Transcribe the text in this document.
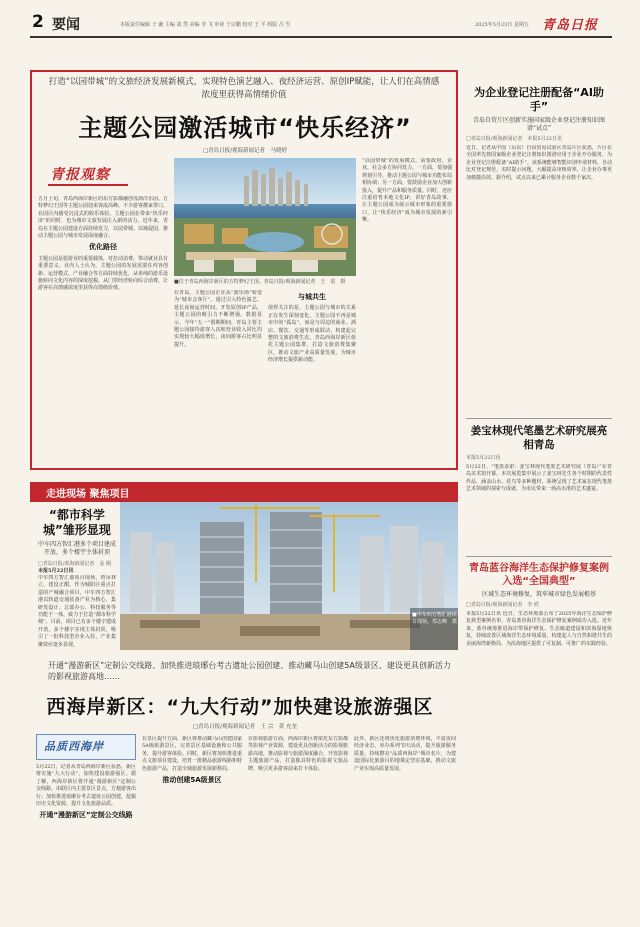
2 要闻	本版责任编辑 于 谦 主编 刘 岱 美编 李 飞 审读 于宗鹏 校对 王 平 组版 吕 雪	2025年5月23日 星期五 青岛日报
打造“以园带城”的文旅经济发展新模式，实现特色演艺融入、夜经济运营、原创IP赋能，让人们在高情感浓度里获得高情绪价值
主题公园激活城市“快乐经济”
□青岛日报/观海新闻记者　马晓婷
青报观察
五月上旬，青岛西海岸新区的东方影都融创茂海洋乐园、方特梦幻王国等主题公园迎来客流高峰。不少游客携家带口，在园区内感受沉浸式的娱乐体验。主题公园在带来“快乐经济”的同时，也为城市文旅发展注入新的活力。近年来，青岛在主题公园建设方面持续发力，以园带城、以城促园，推动主题公园与城市发展深度融合。
优化路径
主题公园是旅游业的重要载体，对拉动消费、带动就业具有重要意义。业内人士认为，主题公园的发展需要在内容创新、运营模式、产业融合等方面持续优化，从单纯的游乐设施转向文化内容的深度挖掘，从门票经济转向综合消费，让游客在高情感浓度里获得高情绪价值。
■位于青岛西海岸新区的方特梦幻王国。青岛日报/观海新闻记者　王　雷　摄
在青岛，主题公园正在从“游乐场”转变为“城市会客厅”。通过引入特色演艺、延长夜间运营时间、开发原创IP产品，主题公园的吸引力不断增强。数据显示，今年“五一”假期期间，青岛主要主题公园接待游客人次和营业收入同比均实现较大幅度增长，夜间游客占比明显提升。
与城共生
值得关注的是，主题公园与城市的关系正在发生深刻变化。主题公园不再是城市中的“孤岛”，而是与周边的商业、酒店、餐饮、交通等形成联动，构建起完整的文旅消费生态。青岛西海岸新区依托主题公园集群，打造文旅消费集聚区，推动文旅产业高质量发展，为城市经济增长提供新动能。
“以园带城”的发展模式，需要政府、企业、社会多方协同发力。一方面，要加强规划引导，推动主题公园与城市功能布局相协调；另一方面，要鼓励企业加大创新投入，提升产品和服务质量。同时，还应注重培育本地文化IP，讲好青岛故事，让主题公园成为展示城市形象的重要窗口，让“快乐经济”成为城市发展的新引擎。
为企业登记注册配备“AI助手”
青岛自贸片区创新实施国家级企业登记注册知识图谱“试点”
□青岛日报/观海新闻记者　本报5月22日讯
近日，记者从中国（山东）自由贸易试验区青岛片区获悉，片区在全国率先将国家级企业登记注册知识图谱应用于企业开办服务，为企业登记注册配备“AI助手”。该系统能够智能识别申请材料，自动比对登记规范，实时提示问题，大幅提高审核效率，让企业办事更加便捷高效。据介绍，试点以来已累计服务企业数千家次。
姜宝林现代笔墨艺术研究展亮相青岛
本报5月22日讯
5月22日，“笔墨求索：姜宝林现代笔墨艺术研究展（青岛）”在青岛美术馆开幕。本次展览集中展示了姜宝林先生各个时期的代表性作品，涵盖山水、花鸟等多种题材，系统呈现了艺术家在现代笔墨艺术领域的探索与成就，为市民带来一场高水准的艺术盛宴。
青岛蓝谷海洋生态保护修复案例入选“全国典型”
区域生态环境修复，筑牢城市绿色发展根基
□青岛日报/观海新闻记者　李 欣
本报5月22日讯 近日，生态环境部公布了2025年海洋生态保护修复典型案例名单，青岛蓝谷海洋生态保护修复案例成功入选。近年来，蓝谷统筹推进海岸带保护修复、生态廊道建设和滨海湿地恢复，持续改善区域海洋生态环境质量，构建起人与自然和谐共生的美丽海湾新格局，为沿海地区提供了可复制、可推广的实践经验。
走进现场 聚焦项目
“都市科学城”雏形显现
中车四方智汇港多个项目建成开放，多个楼宇主体封顶
□青岛日报/观海新闻记者　金 刚
本报5月22日讯
中车四方智汇港项目现场，塔吊林立，建设正酣。作为城阳区重点打造的产城融合项目，中车四方智汇港以轨道交通装备产业为核心，集研发设计、总部办公、科技服务等功能于一体，致力于打造“都市科学城”。目前，项目已有多个楼宇建成开放，多个楼宇实现主体封顶，吸引了一批科技型企业入驻，产业集聚效应逐步显现。
■中车四方智汇港项目现场。郑志峰　摄
开通“漫游新区”定制公交线路、加快推进琅琊台考古遗址公园创建、推动藏马山创建5A级景区、建设更具创新活力的影视旅游高地……
西海岸新区：“九大行动”加快建设旅游强区
□青岛日报/观海新闻记者　王 宗　黄 允奎
品质西海岸
5月22日，记者从青岛西海岸新区获悉，新区将实施“九大行动”，加快建设旅游强区。据了解，西海岸新区将开通“漫游新区”定制公交线路，串联区内主要景区景点，方便游客出行；加快推进琅琊台考古遗址公园创建，挖掘历史文化资源，提升文化旅游品质。
开通“漫游新区”定制公交线路
在景区提升方面，新区将推动藏马山创建国家5A级旅游景区，完善景区基础设施和公共服务，提升游客体验。同时，新区将加快推进重点文旅项目建设，培育一批精品旅游线路和特色旅游产品，打造全域旅游发展新格局。
推动创建5A级景区
在影视旅游方面，西海岸新区将依托东方影都等影视产业资源，建设更具创新活力的影视旅游高地，推动影视与旅游深度融合，开发影视主题旅游产品，打造独具特色的影视文旅品牌，吸引更多游客前来打卡体验。
此外，新区还将优化旅游消费环境，丰富夜间经济业态，举办系列节庆活动，提升旅游服务质量，持续擦亮“品质西海岸”城市名片，为建设国际化旅游目的地奠定坚实基础，推动文旅产业实现高质量发展。
